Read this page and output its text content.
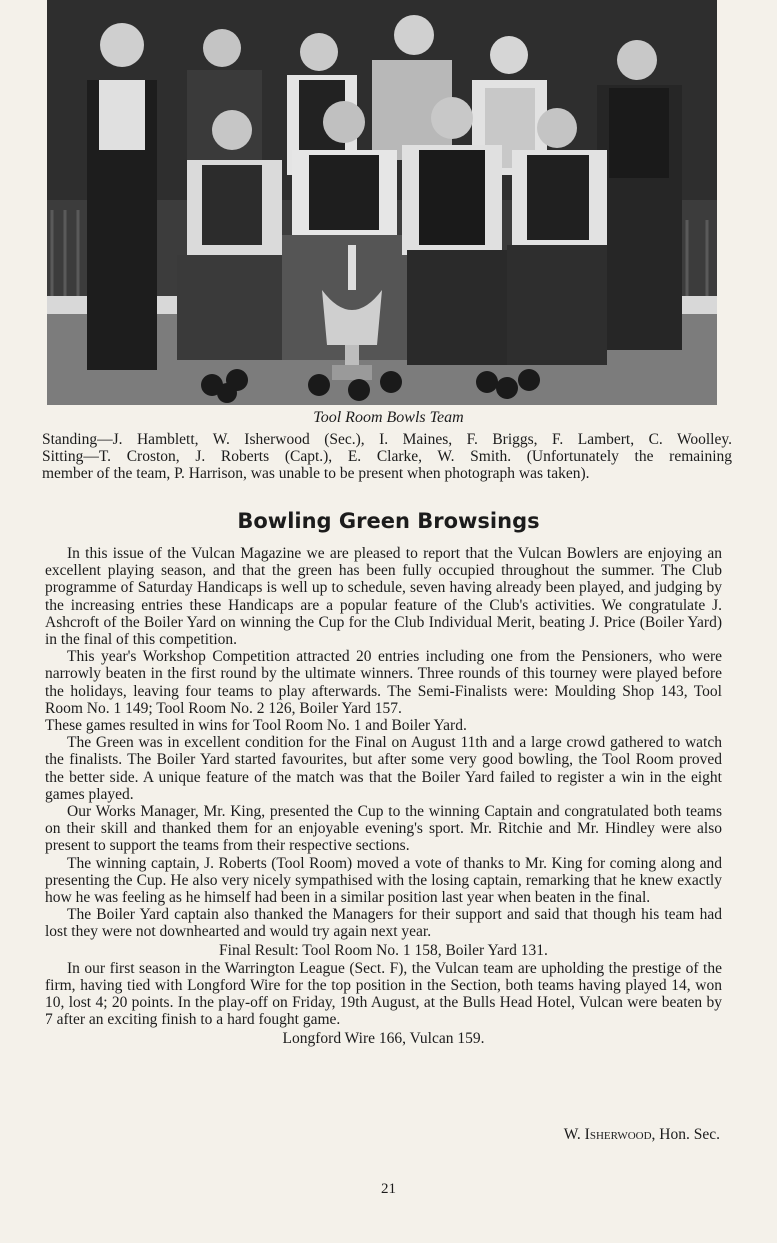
Tool Room Bowls Team
Standing—J. Hamblett, W. Isherwood (Sec.), I. Maines, F. Briggs, F. Lambert, C. Woolley.
Sitting—T. Croston, J. Roberts (Capt.), E. Clarke, W. Smith. (Unfortunately the remaining
member of the team, P. Harrison, was unable to be present when photograph was taken).
Bowling Green Browsings

In this issue of the Vulcan Magazine we are pleased to report that the Vulcan Bowlers are enjoying an excellent playing season, and that the green has been fully occupied throughout the summer. The Club programme of Saturday Handicaps is well up to schedule, seven having already been played, and judging by the increasing entries these Handicaps are a popular feature of the Club's activities. We congratulate J. Ashcroft of the Boiler Yard on winning the Cup for the Club Individual Merit, beating J. Price (Boiler Yard) in the final of this competition.

This year's Workshop Competition attracted 20 entries including one from the Pensioners, who were narrowly beaten in the first round by the ultimate winners. Three rounds of this tourney were played before the holidays, leaving four teams to play afterwards. The Semi-Finalists were: Moulding Shop 143, Tool Room No. 1 149; Tool Room No. 2 126, Boiler Yard 157.

These games resulted in wins for Tool Room No. 1 and Boiler Yard.

The Green was in excellent condition for the Final on August 11th and a large crowd gathered to watch the finalists. The Boiler Yard started favourites, but after some very good bowling, the Tool Room proved the better side. A unique feature of the match was that the Boiler Yard failed to register a win in the eight games played.

Our Works Manager, Mr. King, presented the Cup to the winning Captain and congratulated both teams on their skill and thanked them for an enjoyable evening's sport. Mr. Ritchie and Mr. Hindley were also present to support the teams from their respective sections.

The winning captain, J. Roberts (Tool Room) moved a vote of thanks to Mr. King for coming along and presenting the Cup. He also very nicely sympathised with the losing captain, remarking that he knew exactly how he was feeling as he himself had been in a similar position last year when beaten in the final.

The Boiler Yard captain also thanked the Managers for their support and said that though his team had lost they were not downhearted and would try again next year.

Final Result: Tool Room No. 1 158, Boiler Yard 131.

In our first season in the Warrington League (Sect. F), the Vulcan team are upholding the prestige of the firm, having tied with Longford Wire for the top position in the Section, both teams having played 14, won 10, lost 4; 20 points. In the play-off on Friday, 19th August, at the Bulls Head Hotel, Vulcan were beaten by 7 after an exciting finish to a hard fought game.

Longford Wire 166, Vulcan 159.

W. Isherwood, Hon. Sec.
21
